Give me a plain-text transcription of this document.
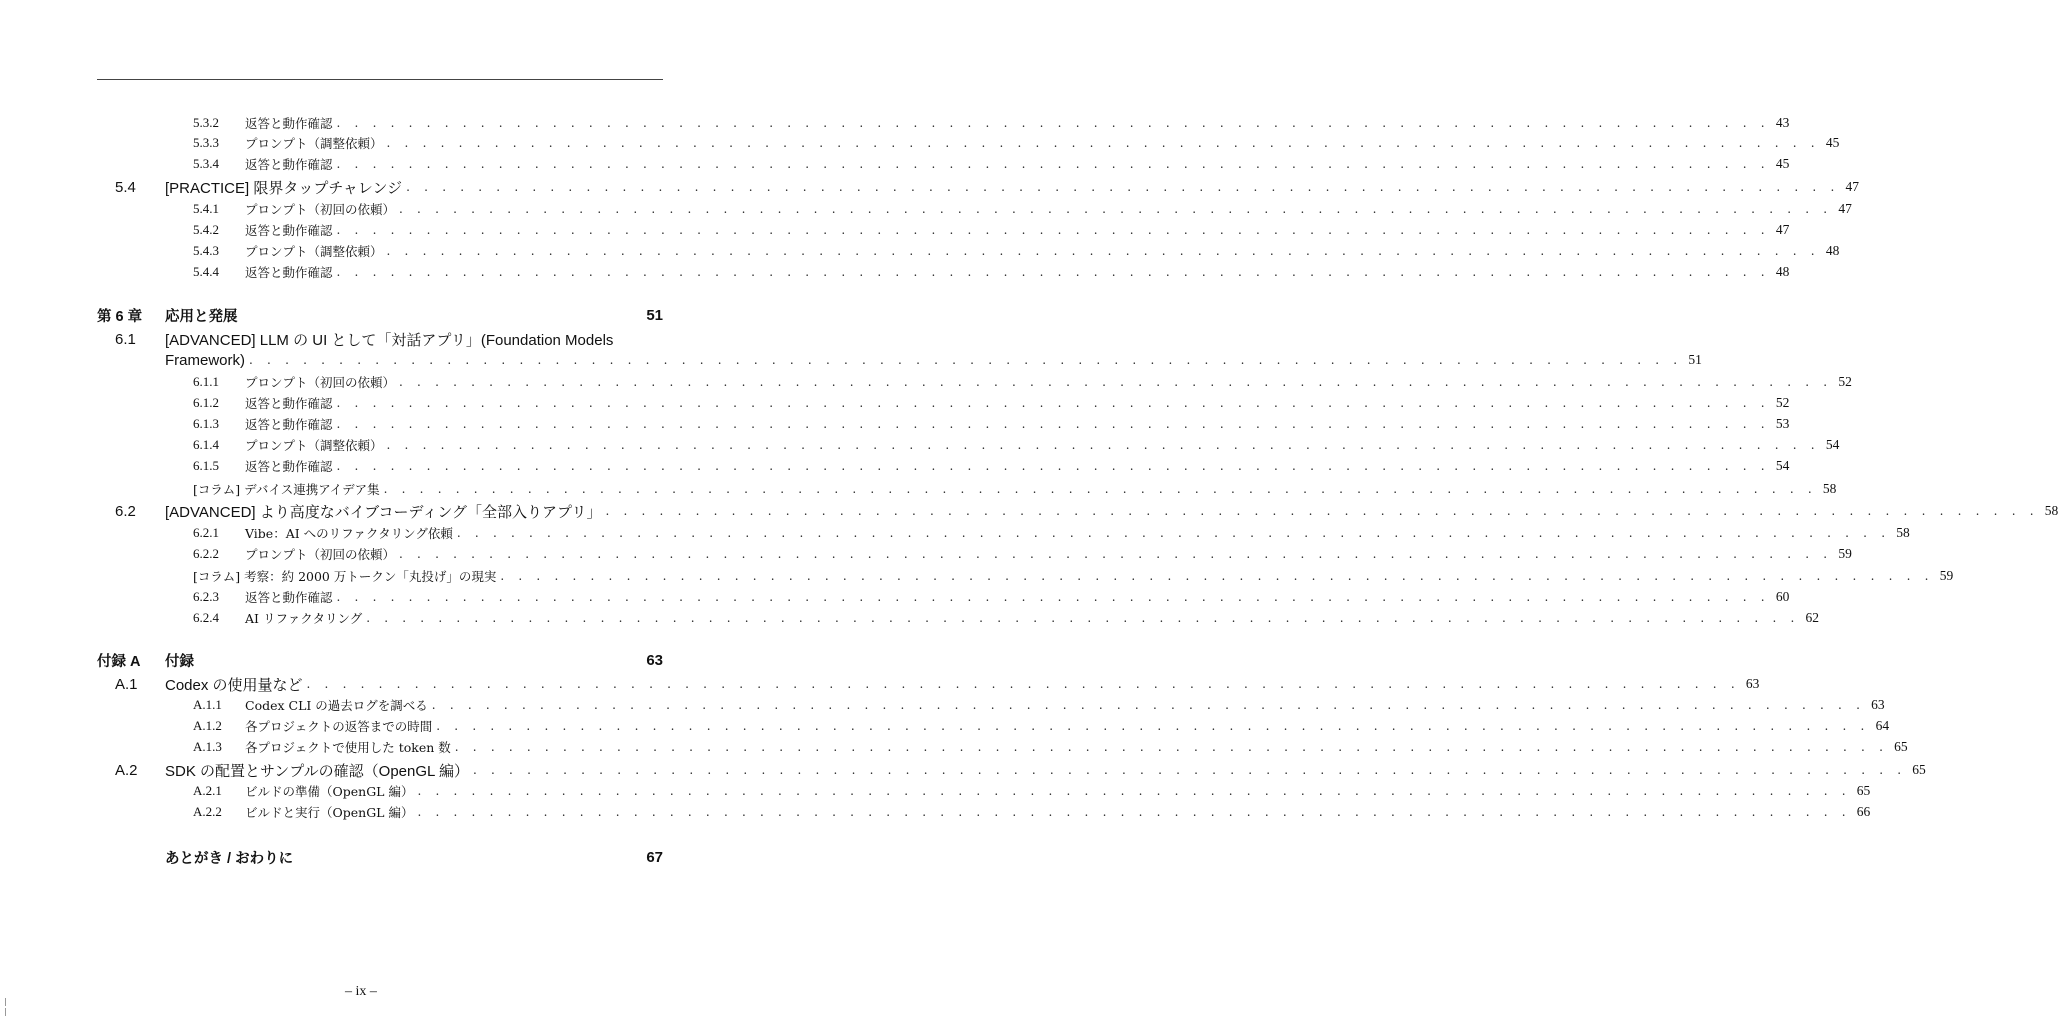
5.3.2	返答と動作確認 . . . . . . . . . . . . . . . . . . . . . . . . . . . . . . . . . . . . . . . . . . . . . . . . . . . . . . . . . . . . . . . . . . . . . . . . . . . . . . . . 43
5.3.3	プロンプト（調整依頼） . . . . . . . . . . . . . . . . . . . . . . . . . . . . . . . . . . . . . . . . . . . . . . . . . . . . . . . . . . . . . . . . . . . . . . . . . . . . . . . . 45
5.3.4	返答と動作確認 . . . . . . . . . . . . . . . . . . . . . . . . . . . . . . . . . . . . . . . . . . . . . . . . . . . . . . . . . . . . . . . . . . . . . . . . . . . . . . . . 45
5.4	[PRACTICE] 限界タップチャレンジ . . . . . . . . . . . . . . . . . . . . . . . . . . . . . . . . . . . . . . . . . . . . . . . . . . . . . . . . . . . . . . . . . . . . . . . . . . . . . . . . 47
5.4.1	プロンプト（初回の依頼） . . . . . . . . . . . . . . . . . . . . . . . . . . . . . . . . . . . . . . . . . . . . . . . . . . . . . . . . . . . . . . . . . . . . . . . . . . . . . . . . 47
5.4.2	返答と動作確認 . . . . . . . . . . . . . . . . . . . . . . . . . . . . . . . . . . . . . . . . . . . . . . . . . . . . . . . . . . . . . . . . . . . . . . . . . . . . . . . . 47
5.4.3	プロンプト（調整依頼） . . . . . . . . . . . . . . . . . . . . . . . . . . . . . . . . . . . . . . . . . . . . . . . . . . . . . . . . . . . . . . . . . . . . . . . . . . . . . . . . 48
5.4.4	返答と動作確認 . . . . . . . . . . . . . . . . . . . . . . . . . . . . . . . . . . . . . . . . . . . . . . . . . . . . . . . . . . . . . . . . . . . . . . . . . . . . . . . . 48
第 6 章	応用と発展	51
6.1	[ADVANCED] LLM の UI として「対話アプリ」(Foundation Models
Framework) . . . . . . . . . . . . . . . . . . . . . . . . . . . . . . . . . . . . . . . . . . . . . . . . . . . . . . . . . . . . . . . . . . . . . . . . . . . . . . . . 51
6.1.1	プロンプト（初回の依頼） . . . . . . . . . . . . . . . . . . . . . . . . . . . . . . . . . . . . . . . . . . . . . . . . . . . . . . . . . . . . . . . . . . . . . . . . . . . . . . . . 52
6.1.2	返答と動作確認 . . . . . . . . . . . . . . . . . . . . . . . . . . . . . . . . . . . . . . . . . . . . . . . . . . . . . . . . . . . . . . . . . . . . . . . . . . . . . . . . 52
6.1.3	返答と動作確認 . . . . . . . . . . . . . . . . . . . . . . . . . . . . . . . . . . . . . . . . . . . . . . . . . . . . . . . . . . . . . . . . . . . . . . . . . . . . . . . . 53
6.1.4	プロンプト（調整依頼） . . . . . . . . . . . . . . . . . . . . . . . . . . . . . . . . . . . . . . . . . . . . . . . . . . . . . . . . . . . . . . . . . . . . . . . . . . . . . . . . 54
6.1.5	返答と動作確認 . . . . . . . . . . . . . . . . . . . . . . . . . . . . . . . . . . . . . . . . . . . . . . . . . . . . . . . . . . . . . . . . . . . . . . . . . . . . . . . . 54
[コラム] デバイス連携アイデア集 . . . . . . . . . . . . . . . . . . . . . . . . . . . . . . . . . . . . . . . . . . . . . . . . . . . . . . . . . . . . . . . . . . . . . . . . . . . . . . . . 58
6.2	[ADVANCED] より高度なバイブコーディング「全部入りアプリ」 . . . . . . . . . . . . . . . . . . . . . . . . . . . . . . . . . . . . . . . . . . . . . . . . . . . . . . . . . . . . . . . . . . . . . . . . . . . . . . . . 58
6.2.1	Vibe：AI へのリファクタリング依頼 . . . . . . . . . . . . . . . . . . . . . . . . . . . . . . . . . . . . . . . . . . . . . . . . . . . . . . . . . . . . . . . . . . . . . . . . . . . . . . . . 58
6.2.2	プロンプト（初回の依頼） . . . . . . . . . . . . . . . . . . . . . . . . . . . . . . . . . . . . . . . . . . . . . . . . . . . . . . . . . . . . . . . . . . . . . . . . . . . . . . . . 59
[コラム] 考察：約 2000 万トークン「丸投げ」の現実 . . . . . . . . . . . . . . . . . . . . . . . . . . . . . . . . . . . . . . . . . . . . . . . . . . . . . . . . . . . . . . . . . . . . . . . . . . . . . . . . 59
6.2.3	返答と動作確認 . . . . . . . . . . . . . . . . . . . . . . . . . . . . . . . . . . . . . . . . . . . . . . . . . . . . . . . . . . . . . . . . . . . . . . . . . . . . . . . . 60
6.2.4	AI リファクタリング . . . . . . . . . . . . . . . . . . . . . . . . . . . . . . . . . . . . . . . . . . . . . . . . . . . . . . . . . . . . . . . . . . . . . . . . . . . . . . . . 62
付録 A	付録	63
A.1	Codex の使用量など . . . . . . . . . . . . . . . . . . . . . . . . . . . . . . . . . . . . . . . . . . . . . . . . . . . . . . . . . . . . . . . . . . . . . . . . . . . . . . . . 63
A.1.1	Codex CLI の過去ログを調べる . . . . . . . . . . . . . . . . . . . . . . . . . . . . . . . . . . . . . . . . . . . . . . . . . . . . . . . . . . . . . . . . . . . . . . . . . . . . . . . . 63
A.1.2	各プロジェクトの返答までの時間 . . . . . . . . . . . . . . . . . . . . . . . . . . . . . . . . . . . . . . . . . . . . . . . . . . . . . . . . . . . . . . . . . . . . . . . . . . . . . . . . 64
A.1.3	各プロジェクトで使用した token 数 . . . . . . . . . . . . . . . . . . . . . . . . . . . . . . . . . . . . . . . . . . . . . . . . . . . . . . . . . . . . . . . . . . . . . . . . . . . . . . . . 65
A.2	SDK の配置とサンプルの確認（OpenGL 編） . . . . . . . . . . . . . . . . . . . . . . . . . . . . . . . . . . . . . . . . . . . . . . . . . . . . . . . . . . . . . . . . . . . . . . . . . . . . . . . . 65
A.2.1	ビルドの準備（OpenGL 編） . . . . . . . . . . . . . . . . . . . . . . . . . . . . . . . . . . . . . . . . . . . . . . . . . . . . . . . . . . . . . . . . . . . . . . . . . . . . . . . . 65
A.2.2	ビルドと実行（OpenGL 編） . . . . . . . . . . . . . . . . . . . . . . . . . . . . . . . . . . . . . . . . . . . . . . . . . . . . . . . . . . . . . . . . . . . . . . . . . . . . . . . . 66
あとがき / おわりに	67
– ix –
